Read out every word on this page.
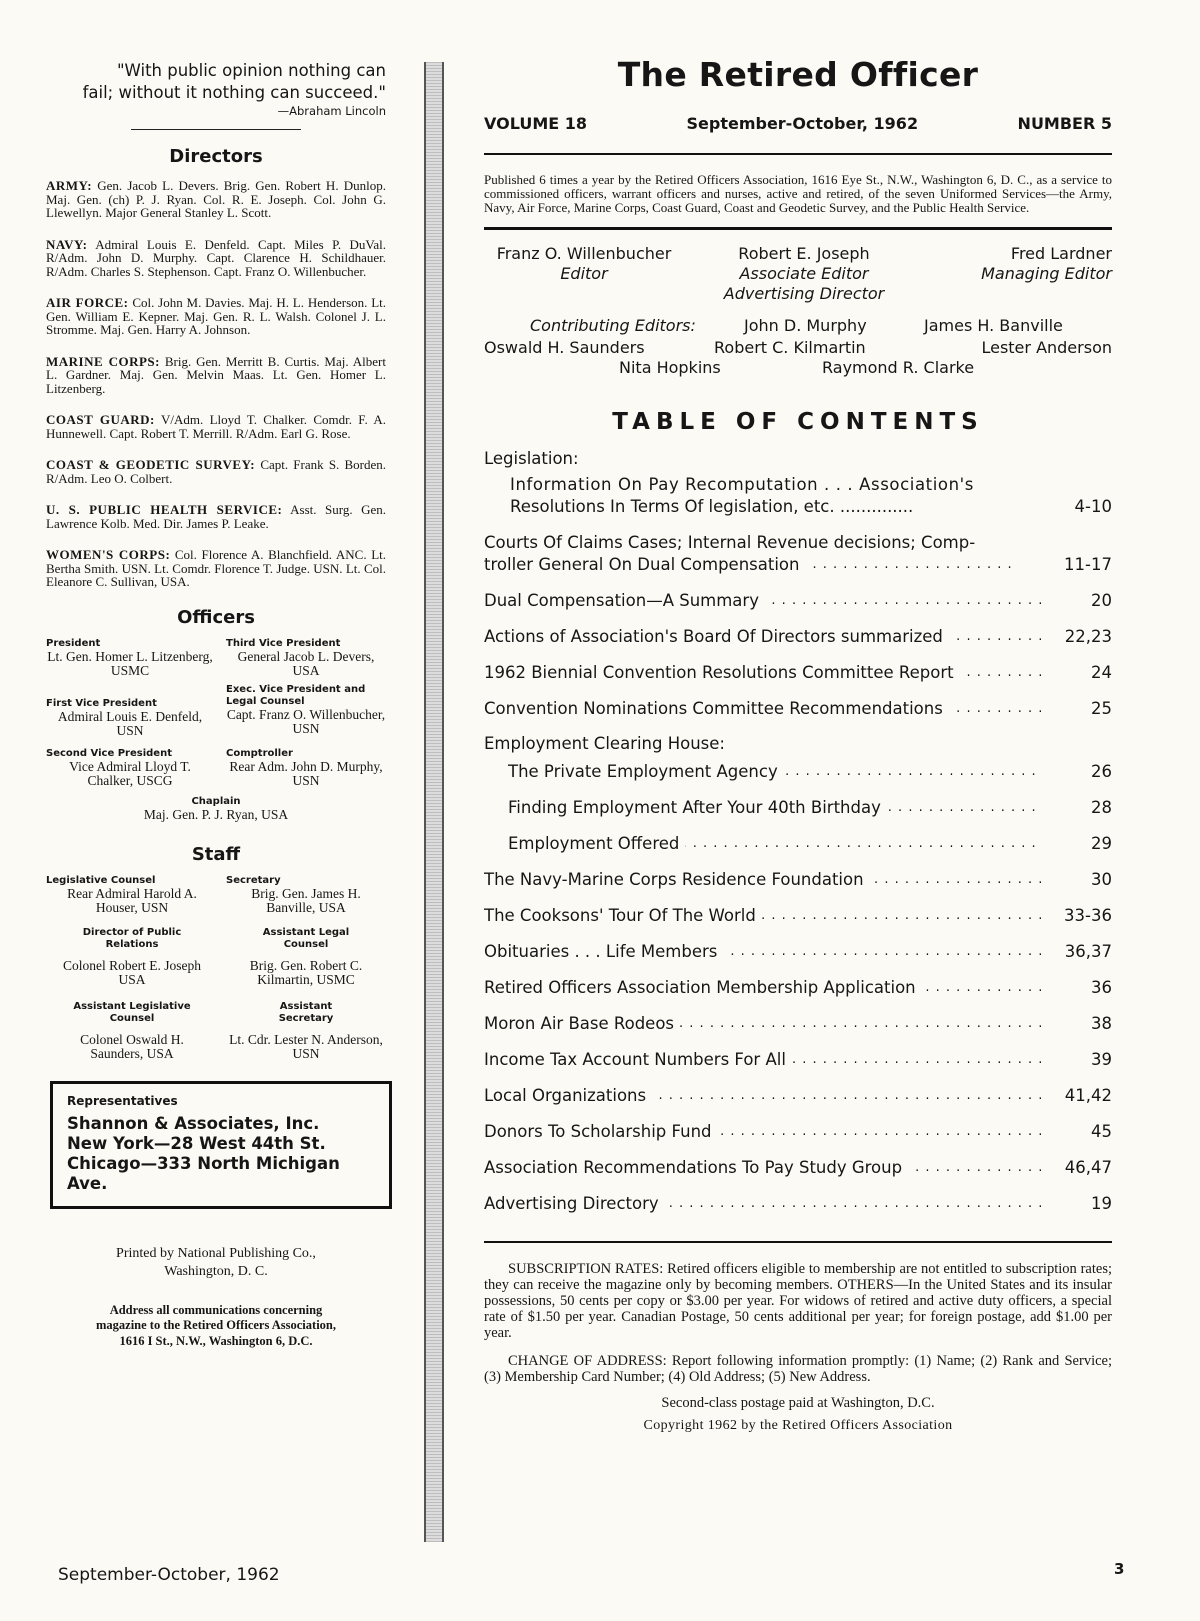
"With public opinion nothing can
fail; without it nothing can succeed."
—Abraham Lincoln
Directors

ARMY: Gen. Jacob L. Devers. Brig. Gen. Robert H. Dunlop. Maj. Gen. (ch) P. J. Ryan. Col. R. E. Joseph. Col. John G. Llewellyn. Major General Stanley L. Scott.

NAVY: Admiral Louis E. Denfeld. Capt. Miles P. DuVal. R/Adm. John D. Murphy. Capt. Clarence H. Schildhauer. R/Adm. Charles S. Stephenson. Capt. Franz O. Willenbucher.

AIR FORCE: Col. John M. Davies. Maj. H. L. Henderson. Lt. Gen. William E. Kepner. Maj. Gen. R. L. Walsh. Colonel J. L. Stromme. Maj. Gen. Harry A. Johnson.

MARINE CORPS: Brig. Gen. Merritt B. Curtis. Maj. Albert L. Gardner. Maj. Gen. Melvin Maas. Lt. Gen. Homer L. Litzenberg.

COAST GUARD: V/Adm. Lloyd T. Chalker. Comdr. F. A. Hunnewell. Capt. Robert T. Merrill. R/Adm. Earl G. Rose.

COAST & GEODETIC SURVEY: Capt. Frank S. Borden. R/Adm. Leo O. Colbert.

U. S. PUBLIC HEALTH SERVICE: Asst. Surg. Gen. Lawrence Kolb. Med. Dir. James P. Leake.

WOMEN'S CORPS: Col. Florence A. Blanchfield. ANC. Lt. Bertha Smith. USN. Lt. Comdr. Florence T. Judge. USN. Lt. Col. Eleanore C. Sullivan, USA.

Officers
President
Lt. Gen. Homer L. Litzenberg, USMC
Third Vice President
General Jacob L. Devers, USA
First Vice President
Admiral Louis E. Denfeld, USN
Exec. Vice President and Legal Counsel
Capt. Franz O. Willenbucher, USN
Second Vice President
Vice Admiral Lloyd T. Chalker, USCG
Comptroller
Rear Adm. John D. Murphy, USN
Chaplain
Maj. Gen. P. J. Ryan, USA
Staff
Legislative Counsel
Rear Admiral Harold A. Houser, USN
Secretary
Brig. Gen. James H. Banville, USA
Director of Public Relations
Colonel Robert E. Joseph USA
Assistant Legal Counsel
Brig. Gen. Robert C. Kilmartin, USMC
Assistant Legislative Counsel
Colonel Oswald H. Saunders, USA
Assistant Secretary
Lt. Cdr. Lester N. Anderson, USN
Representatives
Shannon & Associates, Inc.
New York—28 West 44th St.
Chicago—333 North Michigan
Ave.
Printed by National Publishing Co.,
Washington, D. C.
Address all communications concerning
magazine to the Retired Officers Association,
1616 I St., N.W., Washington 6, D.C.
The Retired Officer
VOLUME 18	September-October, 1962	NUMBER 5

Published 6 times a year by the Retired Officers Association, 1616 Eye St., N.W., Washington 6, D. C., as a service to commissioned officers, warrant officers and nurses, active and retired, of the seven Uniformed Services—the Army, Navy, Air Force, Marine Corps, Coast Guard, Coast and Geodetic Survey, and the Public Health Service.

Franz O. Willenbucher
Editor
Robert E. Joseph
Associate Editor
Advertising Director
Fred Lardner
Managing Editor
Contributing Editors:	John D. Murphy	James H. Banville
Oswald H. Saunders	Robert C. Kilmartin	Lester Anderson
Nita Hopkins	Raymond R. Clarke
TABLE OF CONTENTS
Legislation:
Information On Pay Recomputation . . . Association's
Resolutions In Terms Of legislation, etc. ..............	4-10
Courts Of Claims Cases; Internal Revenue decisions; Comp-
troller General On Dual Compensation . . .	11-17
Dual Compensation—A Summary . . .	20
Actions of Association's Board Of Directors summarized . . .	22,23
1962 Biennial Convention Resolutions Committee Report . . .	24
Convention Nominations Committee Recommendations . . .	25
Employment Clearing House:
The Private Employment Agency . . .	26
Finding Employment After Your 40th Birthday . . .	28
Employment Offered . . .	29
The Navy-Marine Corps Residence Foundation . . .	30
The Cooksons' Tour Of The World . . .	33-36
Obituaries . . . Life Members . . .	36,37
Retired Officers Association Membership Application . . .	36
Moron Air Base Rodeos . . .	38
Income Tax Account Numbers For All . . .	39
Local Organizations . . .	41,42
Donors To Scholarship Fund . . .	45
Association Recommendations To Pay Study Group . . .	46,47
Advertising Directory . . .	19

SUBSCRIPTION RATES: Retired officers eligible to membership are not entitled to subscription rates; they can receive the magazine only by becoming members. OTHERS—In the United States and its insular possessions, 50 cents per copy or $3.00 per year. For widows of retired and active duty officers, a special rate of $1.50 per year. Canadian Postage, 50 cents additional per year; for foreign postage, add $1.00 per year.

CHANGE OF ADDRESS: Report following information promptly: (1) Name; (2) Rank and Service; (3) Membership Card Number; (4) Old Address; (5) New Address.

Second-class postage paid at Washington, D.C.
Copyright 1962 by the Retired Officers Association
September-October, 1962	3
